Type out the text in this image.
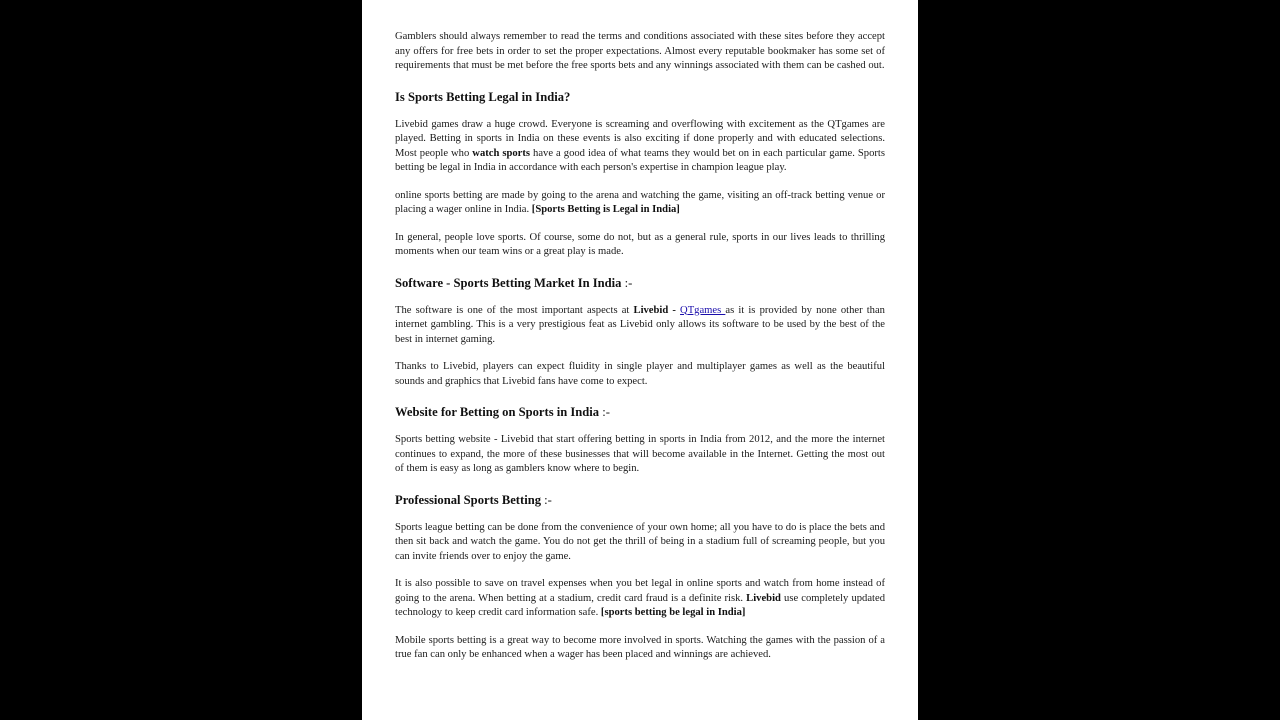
Gamblers should always remember to read the terms and conditions associated with these sites before they accept any offers for free bets in order to set the proper expectations. Almost every reputable bookmaker has some set of requirements that must be met before the free sports bets and any winnings associated with them can be cashed out.

Is Sports Betting Legal in India?

Livebid games draw a huge crowd. Everyone is screaming and overflowing with excitement as the QTgames are played. Betting in sports in India on these events is also exciting if done properly and with educated selections. Most people who watch sports have a good idea of what teams they would bet on in each particular game. Sports betting be legal in India in accordance with each person's expertise in champion league play.

online sports betting are made by going to the arena and watching the game, visiting an off-track betting venue or placing a wager online in India. [Sports Betting is Legal in India]

In general, people love sports. Of course, some do not, but as a general rule, sports in our lives leads to thrilling moments when our team wins or a great play is made.

Software - Sports Betting Market In India :-

The software is one of the most important aspects at Livebid - QTgames as it is provided by none other than internet gambling. This is a very prestigious feat as Livebid only allows its software to be used by the best of the best in internet gaming.

Thanks to Livebid, players can expect fluidity in single player and multiplayer games as well as the beautiful sounds and graphics that Livebid fans have come to expect.

Website for Betting on Sports in India :-

Sports betting website - Livebid that start offering betting in sports in India from 2012, and the more the internet continues to expand, the more of these businesses that will become available in the Internet. Getting the most out of them is easy as long as gamblers know where to begin.

Professional Sports Betting :-

Sports league betting can be done from the convenience of your own home; all you have to do is place the bets and then sit back and watch the game. You do not get the thrill of being in a stadium full of screaming people, but you can invite friends over to enjoy the game.

It is also possible to save on travel expenses when you bet legal in online sports and watch from home instead of going to the arena. When betting at a stadium, credit card fraud is a definite risk. Livebid use completely updated technology to keep credit card information safe. [sports betting be legal in India]

Mobile sports betting is a great way to become more involved in sports. Watching the games with the passion of a true fan can only be enhanced when a wager has been placed and winnings are achieved.
